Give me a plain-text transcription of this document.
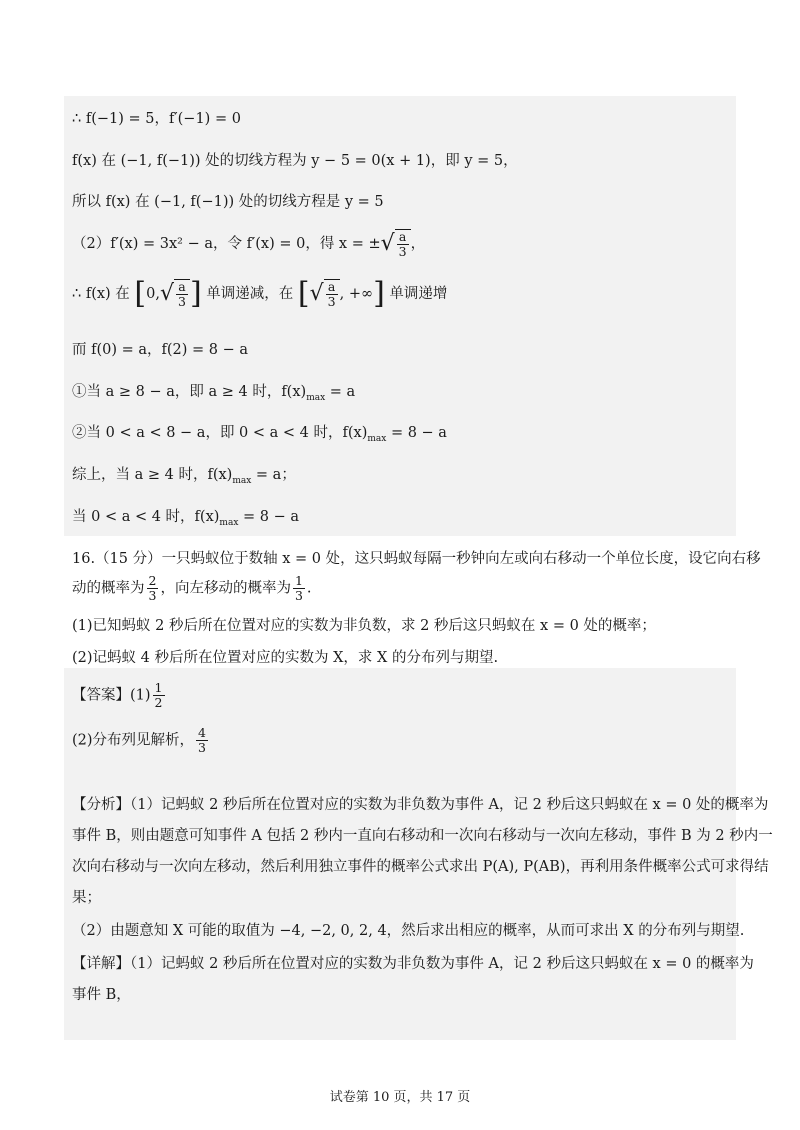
∴ f(−1) = 5，f′(−1) = 0
f(x) 在 (−1, f(−1)) 处的切线方程为 y − 5 = 0(x + 1)，即 y = 5，
所以 f(x) 在 (−1, f(−1)) 处的切线方程是 y = 5
（2）f′(x) = 3x² − a，令 f′(x) = 0，得 x = ±√ $\frac{a}{3}$ ，
∴ f(x) 在 [$0,√ \frac{a}{3}$ ] 单调递减，在 [√ $\frac{a}{3}$ , +∞] 单调递增
而 f(0) = a，f(2) = 8 − a
①当 a ≥ 8 − a，即 a ≥ 4 时，$f(x)_{max} = a$
②当 0 < a < 8 − a，即 0 < a < 4 时，$f(x)_{max} = 8 - a$
综上，当 a ≥ 4 时，$f(x)_{max} = a$；
当 0 < a < 4 时，$f(x)_{max} = 8 - a$
16.（15 分）一只蚂蚁位于数轴 x = 0 处，这只蚂蚁每隔一秒钟向左或向右移动一个单位长度，设它向右移
动的概率为 $\frac{2}{3}$ ，向左移动的概率为 $\frac{1}{3}$ .
(1)已知蚂蚁 2 秒后所在位置对应的实数为非负数，求 2 秒后这只蚂蚁在 x = 0 处的概率；
(2)记蚂蚁 4 秒后所在位置对应的实数为 X，求 X 的分布列与期望.
【答案】$(1) \frac{1}{2}$
(2)分布列见解析， $\frac{4}{3}$
【分析】（1）记蚂蚁 2 秒后所在位置对应的实数为非负数为事件 A，记 2 秒后这只蚂蚁在 x = 0 处的概率为
事件 B，则由题意可知事件 A 包括 2 秒内一直向右移动和一次向右移动与一次向左移动，事件 B 为 2 秒内一
次向右移动与一次向左移动，然后利用独立事件的概率公式求出 P(A), P(AB)，再利用条件概率公式可求得结
果；
（2）由题意知 X 可能的取值为 −4, −2, 0, 2, 4，然后求出相应的概率，从而可求出 X 的分布列与期望.
【详解】（1）记蚂蚁 2 秒后所在位置对应的实数为非负数为事件 A，记 2 秒后这只蚂蚁在 x = 0 的概率为
事件 B，
试卷第 10 页，共 17 页
